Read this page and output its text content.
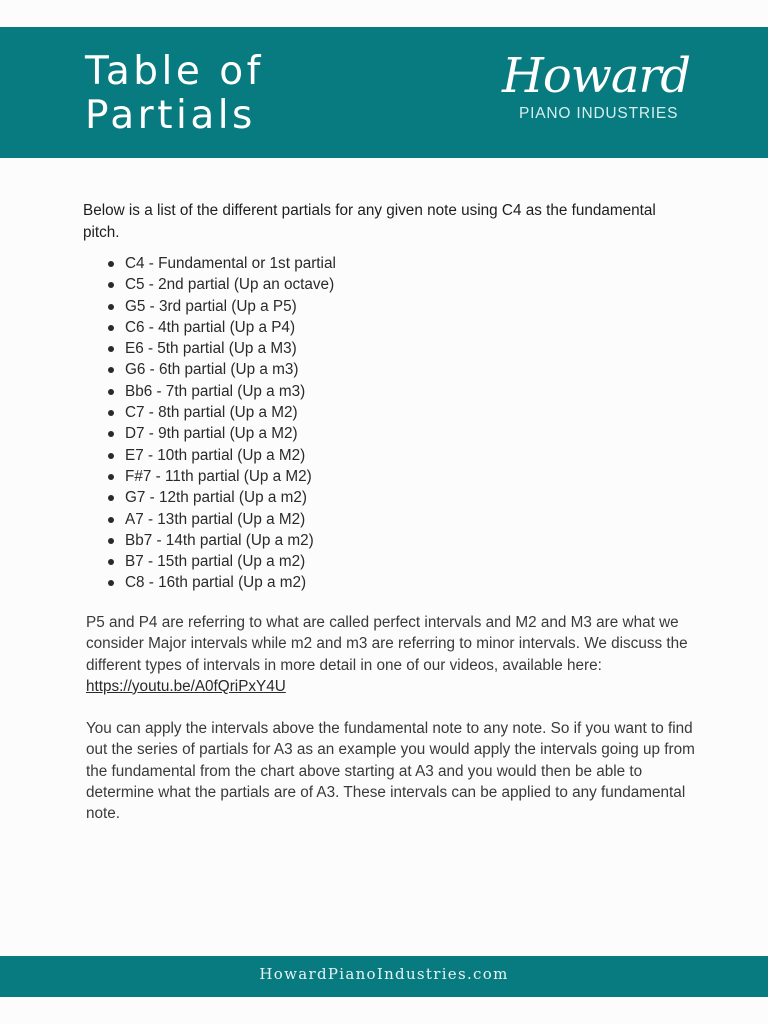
Table of
Partials
Howard
PIANO INDUSTRIES

Below is a list of the different partials for any given note using C4 as the fundamental pitch.

C4 - Fundamental or 1st partial
C5 - 2nd partial (Up an octave)
G5 - 3rd partial (Up a P5)
C6 - 4th partial (Up a P4)
E6 - 5th partial (Up a M3)
G6 - 6th partial (Up a m3)
Bb6 - 7th partial (Up a m3)
C7 - 8th partial (Up a M2)
D7 - 9th partial (Up a M2)
E7 - 10th partial (Up a M2)
F#7 - 11th partial (Up a M2)
G7 - 12th partial (Up a m2)
A7 - 13th partial (Up a M2)
Bb7 - 14th partial (Up a m2)
B7 - 15th partial (Up a m2)
C8 - 16th partial (Up a m2)

P5 and P4 are referring to what are called perfect intervals and M2 and M3 are what we consider Major intervals while m2 and m3 are referring to minor intervals. We discuss the different types of intervals in more detail in one of our videos, available here: https://youtu.be/A0fQriPxY4U

You can apply the intervals above the fundamental note to any note. So if you want to find out the series of partials for A3 as an example you would apply the intervals going up from the fundamental from the chart above starting at A3 and you would then be able to determine what the partials are of A3. These intervals can be applied to any fundamental note.

HowardPianoIndustries.com
